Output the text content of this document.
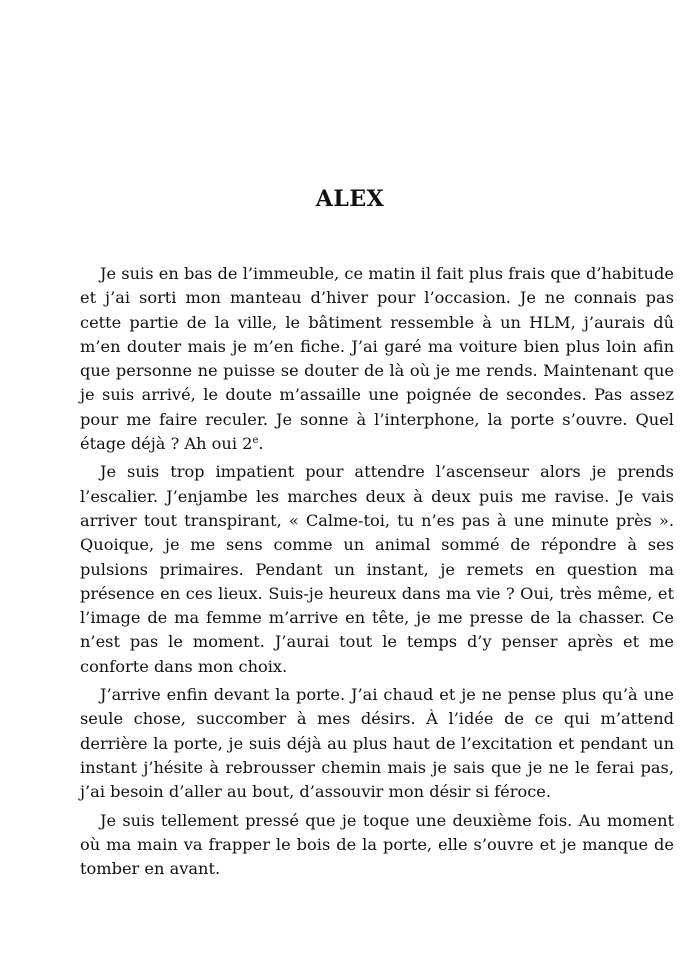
ALEX

Je suis en bas de l’immeuble, ce matin il fait plus frais que d’habitude et j’ai sorti mon manteau d’hiver pour l’occasion. Je ne connais pas cette partie de la ville, le bâtiment ressemble à un HLM, j’aurais dû m’en douter mais je m’en fiche. J’ai garé ma voiture bien plus loin afin que personne ne puisse se douter de là où je me rends. Maintenant que je suis arrivé, le doute m’assaille une poignée de secondes. Pas assez pour me faire reculer. Je sonne à l’interphone, la porte s’ouvre. Quel étage déjà ? Ah oui 2e.

Je suis trop impatient pour attendre l’ascenseur alors je prends l’escalier. J’enjambe les marches deux à deux puis me ravise. Je vais arriver tout transpirant, « Calme-toi, tu n’es pas à une minute près ». Quoique, je me sens comme un animal sommé de répondre à ses pulsions primaires. Pendant un instant, je remets en question ma présence en ces lieux. Suis-je heureux dans ma vie ? Oui, très même, et l’image de ma femme m’arrive en tête, je me presse de la chasser. Ce n’est pas le moment. J’aurai tout le temps d’y penser après et me conforte dans mon choix.

J’arrive enfin devant la porte. J’ai chaud et je ne pense plus qu’à une seule chose, succomber à mes désirs. À l’idée de ce qui m’attend derrière la porte, je suis déjà au plus haut de l’excitation et pendant un instant j’hésite à rebrousser chemin mais je sais que je ne le ferai pas, j’ai besoin d’aller au bout, d’assouvir mon désir si féroce.

Je suis tellement pressé que je toque une deuxième fois. Au moment où ma main va frapper le bois de la porte, elle s’ouvre et je manque de tomber en avant.
